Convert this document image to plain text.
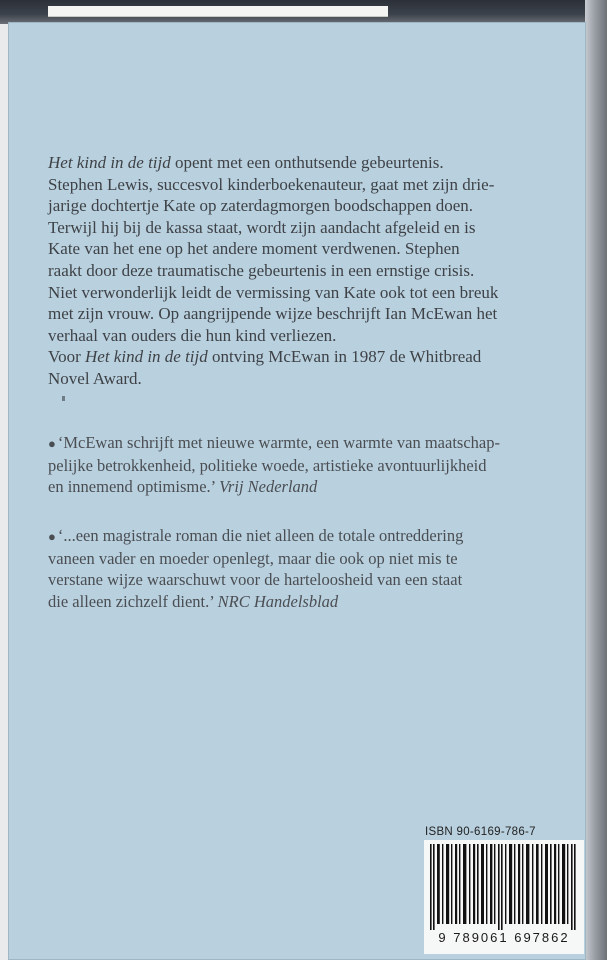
Het kind in de tijd opent met een onthutsende gebeurtenis.

Stephen Lewis, succesvol kinderboekenauteur, gaat met zijn drie-

jarige dochtertje Kate op zaterdagmorgen boodschappen doen.

Terwijl hij bij de kassa staat, wordt zijn aandacht afgeleid en is

Kate van het ene op het andere moment verdwenen. Stephen

raakt door deze traumatische gebeurtenis in een ernstige crisis.

Niet verwonderlijk leidt de vermissing van Kate ook tot een breuk

met zijn vrouw. Op aangrijpende wijze beschrijft Ian McEwan het

verhaal van ouders die hun kind verliezen.

Voor Het kind in de tijd ontving McEwan in 1987 de Whitbread

Novel Award.

● ‘McEwan schrijft met nieuwe warmte, een warmte van maatschap-
pelijke betrokkenheid, politieke woede, artistieke avontuurlijkheid
en innemend optimisme.’ Vrij Nederland
● ‘...een magistrale roman die niet alleen de totale ontreddering
vaneen vader en moeder openlegt, maar die ook op niet mis te
verstane wijze waarschuwt voor de harteloosheid van een staat
die alleen zichzelf dient.’ NRC Handelsblad
ISBN 90-6169-786-7
9 789061 697862
